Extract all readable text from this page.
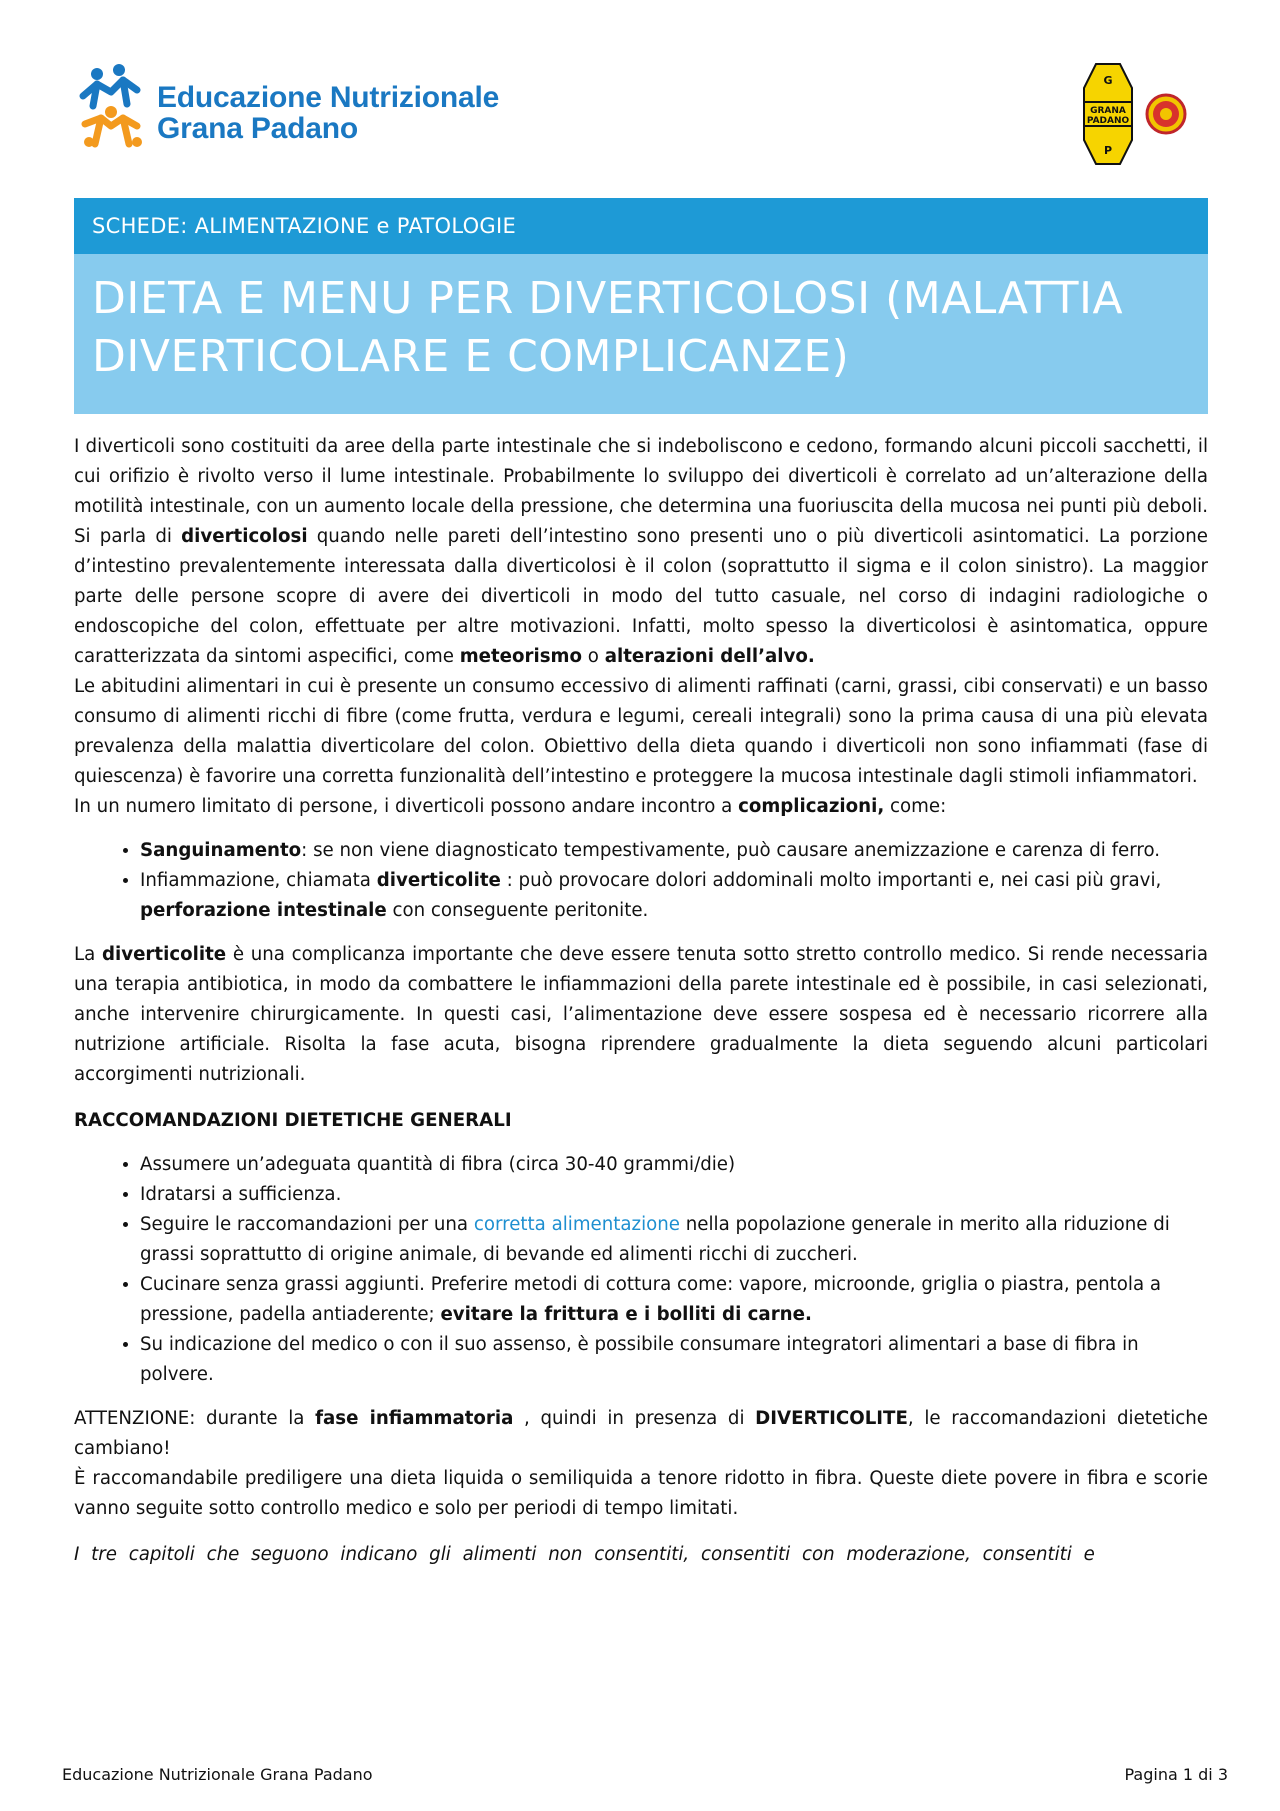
Educazione Nutrizionale
Grana Padano
G
GRANA
PADANO
P
SCHEDE: ALIMENTAZIONE e PATOLOGIE
DIETA E MENU PER DIVERTICOLOSI (MALATTIA DIVERTICOLARE E COMPLICANZE)

I diverticoli sono costituiti da aree della parte intestinale che si indeboliscono e cedono, formando alcuni piccoli sacchetti, il cui orifizio è rivolto verso il lume intestinale. Probabilmente lo sviluppo dei diverticoli è correlato ad un’alterazione della motilità intestinale, con un aumento locale della pressione, che determina una fuoriuscita della mucosa nei punti più deboli. Si parla di diverticolosi quando nelle pareti dell’intestino sono presenti uno o più diverticoli asintomatici. La porzione d’intestino prevalentemente interessata dalla diverticolosi è il colon (soprattutto il sigma e il colon sinistro). La maggior parte delle persone scopre di avere dei diverticoli in modo del tutto casuale, nel corso di indagini radiologiche o endoscopiche del colon, effettuate per altre motivazioni. Infatti, molto spesso la diverticolosi è asintomatica, oppure caratterizzata da sintomi aspecifici, come meteorismo o alterazioni dell’alvo.

Le abitudini alimentari in cui è presente un consumo eccessivo di alimenti raffinati (carni, grassi, cibi conservati) e un basso consumo di alimenti ricchi di fibre (come frutta, verdura e legumi, cereali integrali) sono la prima causa di una più elevata prevalenza della malattia diverticolare del colon. Obiettivo della dieta quando i diverticoli non sono infiammati (fase di quiescenza) è favorire una corretta funzionalità dell’intestino e proteggere la mucosa intestinale dagli stimoli infiammatori.

In un numero limitato di persone, i diverticoli possono andare incontro a complicazioni, come:

• Sanguinamento: se non viene diagnosticato tempestivamente, può causare anemizzazione e carenza di ferro.
• Infiammazione, chiamata diverticolite : può provocare dolori addominali molto importanti e, nei casi più gravi, perforazione intestinale con conseguente peritonite.

La diverticolite è una complicanza importante che deve essere tenuta sotto stretto controllo medico. Si rende necessaria una terapia antibiotica, in modo da combattere le infiammazioni della parete intestinale ed è possibile, in casi selezionati, anche intervenire chirurgicamente. In questi casi, l’alimentazione deve essere sospesa ed è necessario ricorrere alla nutrizione artificiale. Risolta la fase acuta, bisogna riprendere gradualmente la dieta seguendo alcuni particolari accorgimenti nutrizionali.

RACCOMANDAZIONI DIETETICHE GENERALI

• Assumere un’adeguata quantità di fibra (circa 30-40 grammi/die)
• Idratarsi a sufficienza.
• Seguire le raccomandazioni per una corretta alimentazione nella popolazione generale in merito alla riduzione di grassi soprattutto di origine animale, di bevande ed alimenti ricchi di zuccheri.
• Cucinare senza grassi aggiunti. Preferire metodi di cottura come: vapore, microonde, griglia o piastra, pentola a pressione, padella antiaderente; evitare la frittura e i bolliti di carne.
• Su indicazione del medico o con il suo assenso, è possibile consumare integratori alimentari a base di fibra in polvere.

ATTENZIONE: durante la fase infiammatoria , quindi in presenza di DIVERTICOLITE, le raccomandazioni dietetiche cambiano!

È raccomandabile prediligere una dieta liquida o semiliquida a tenore ridotto in fibra. Queste diete povere in fibra e scorie vanno seguite sotto controllo medico e solo per periodi di tempo limitati.

I tre capitoli che seguono indicano gli alimenti non consentiti, consentiti con moderazione, consentiti e

Educazione Nutrizionale Grana Padano	Pagina 1 di 3
